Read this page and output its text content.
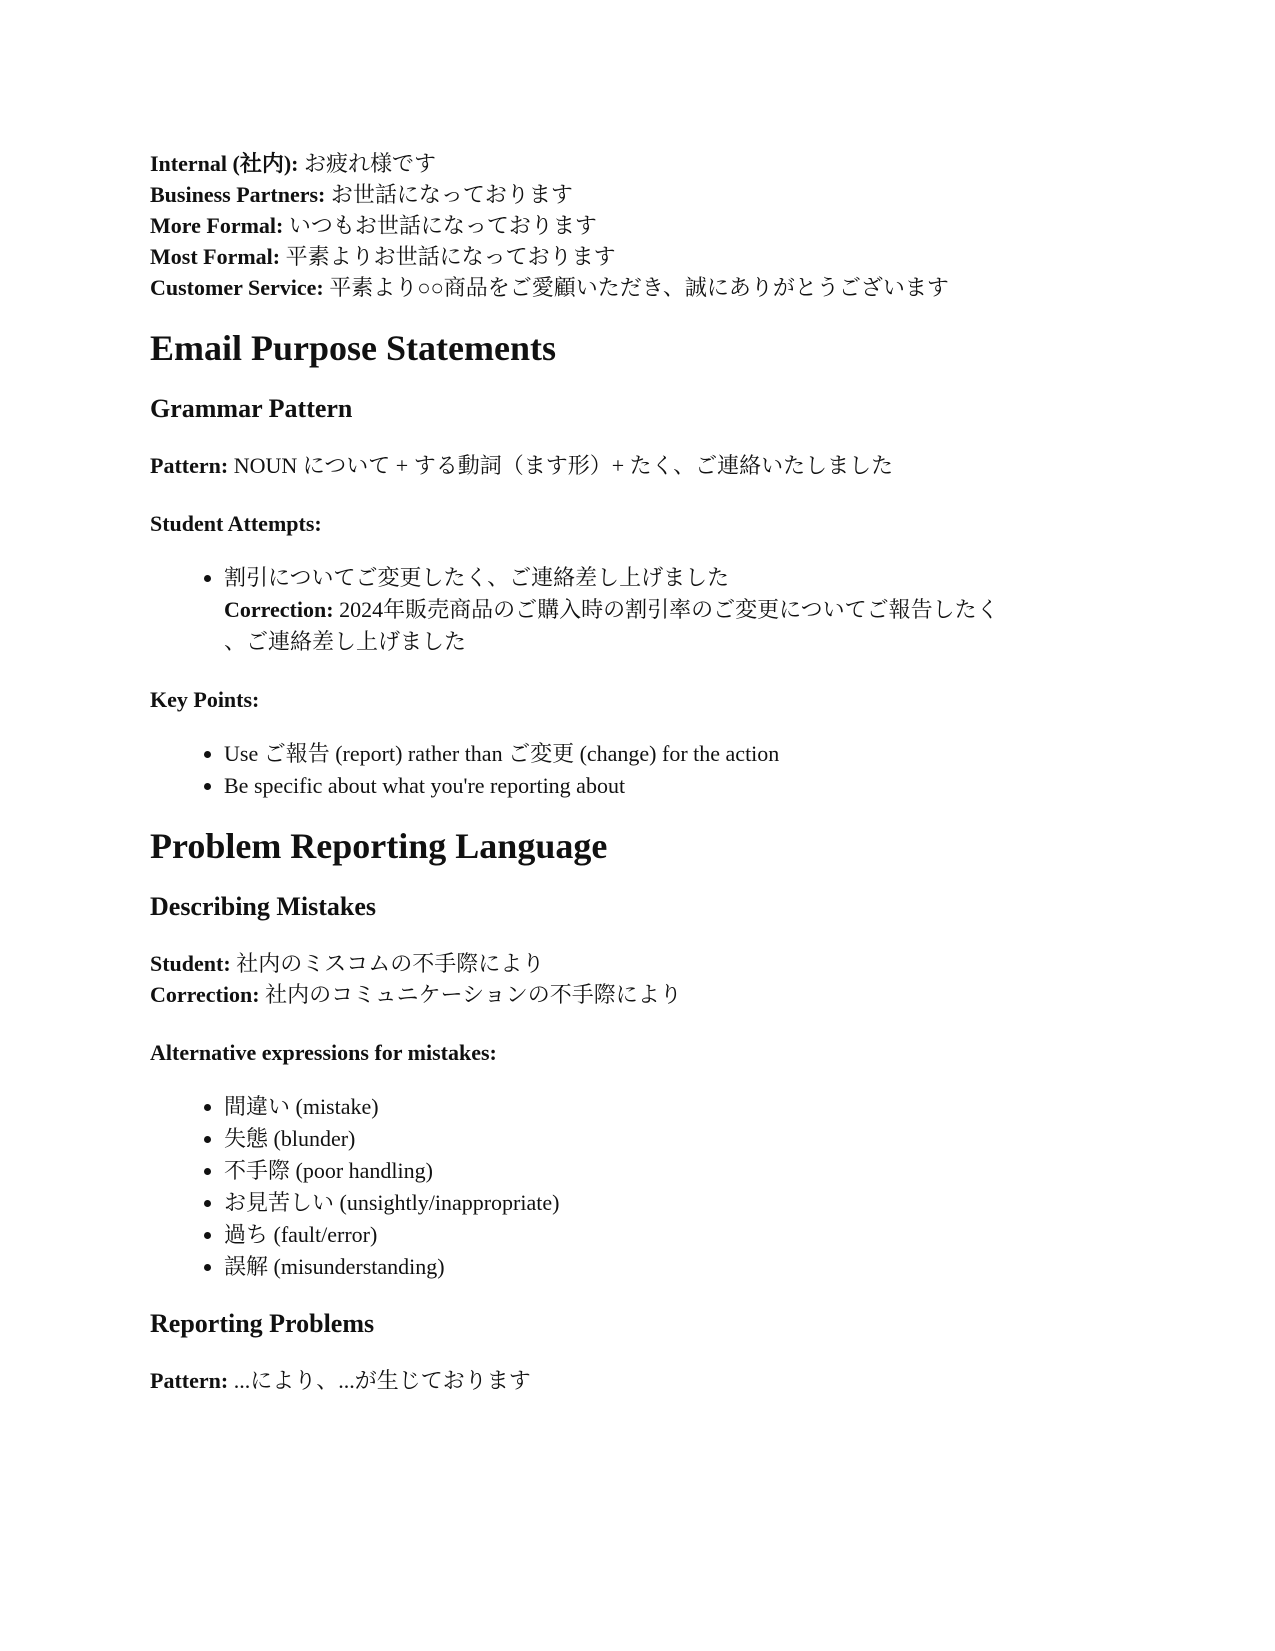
Internal (社内): お疲れ様です
Business Partners: お世話になっております
More Formal: いつもお世話になっております
Most Formal: 平素よりお世話になっております
Customer Service: 平素より○○商品をご愛顧いただき、誠にありがとうございます
Email Purpose Statements
Grammar Pattern
Pattern: NOUN について + する動詞（ます形）+ たく、ご連絡いたしました
Student Attempts:
• 割引についてご変更したく、ご連絡差し上げました
Correction: 2024年販売商品のご購入時の割引率のご変更についてご報告したく
、ご連絡差し上げました
Key Points:
• Use ご報告 (report) rather than ご変更 (change) for the action
• Be specific about what you're reporting about
Problem Reporting Language
Describing Mistakes
Student: 社内のミスコムの不手際により
Correction: 社内のコミュニケーションの不手際により
Alternative expressions for mistakes:
• 間違い (mistake)
• 失態 (blunder)
• 不手際 (poor handling)
• お見苦しい (unsightly/inappropriate)
• 過ち (fault/error)
• 誤解 (misunderstanding)
Reporting Problems
Pattern: ...により、...が生じております
